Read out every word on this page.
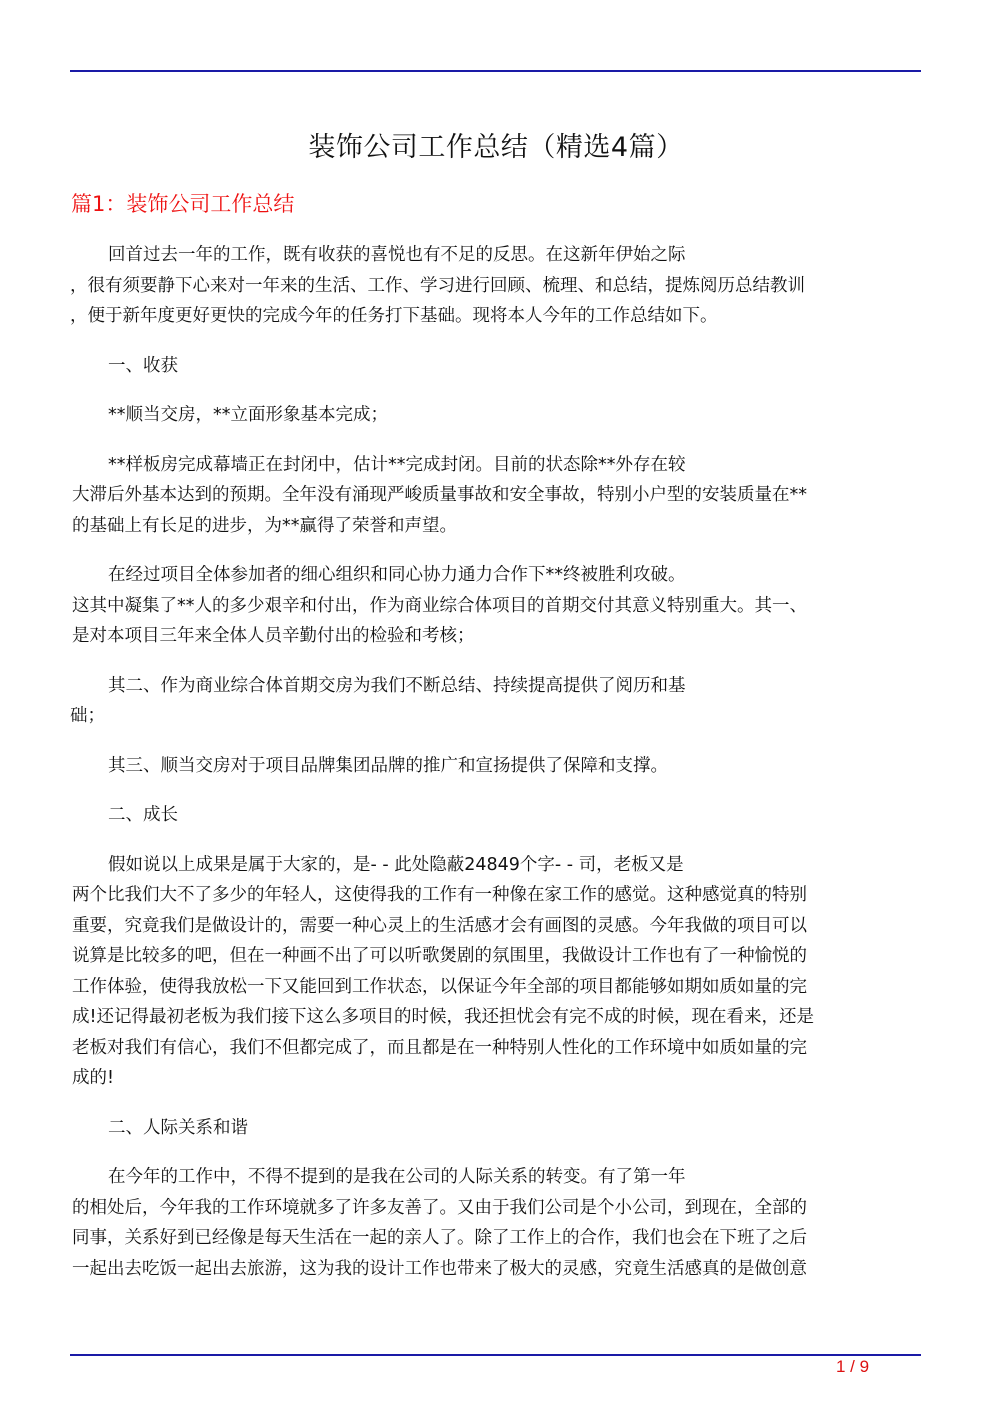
装饰公司工作总结（精选4篇）
篇1：装饰公司工作总结
回首过去一年的工作，既有收获的喜悦也有不足的反思。在这新年伊始之际
，很有须要静下心来对一年来的生活、工作、学习进行回顾、梳理、和总结，提炼阅历总结教训
，便于新年度更好更快的完成今年的任务打下基础。现将本人今年的工作总结如下。
一、收获
**顺当交房，**立面形象基本完成；
**样板房完成幕墙正在封闭中，估计**完成封闭。目前的状态除**外存在较
大滞后外基本达到的预期。全年没有涌现严峻质量事故和安全事故，特别小户型的安装质量在**
的基础上有长足的进步，为**赢得了荣誉和声望。
在经过项目全体参加者的细心组织和同心协力通力合作下**终被胜利攻破。
这其中凝集了**人的多少艰辛和付出，作为商业综合体项目的首期交付其意义特别重大。其一、
是对本项目三年来全体人员辛勤付出的检验和考核；
其二、作为商业综合体首期交房为我们不断总结、持续提高提供了阅历和基
础；
其三、顺当交房对于项目品牌集团品牌的推广和宣扬提供了保障和支撑。
二、成长
假如说以上成果是属于大家的，是- - 此处隐蔽24849个字- - 司，老板又是
两个比我们大不了多少的年轻人，这使得我的工作有一种像在家工作的感觉。这种感觉真的特别
重要，究竟我们是做设计的，需要一种心灵上的生活感才会有画图的灵感。今年我做的项目可以
说算是比较多的吧，但在一种画不出了可以听歌煲剧的氛围里，我做设计工作也有了一种愉悦的
工作体验，使得我放松一下又能回到工作状态，以保证今年全部的项目都能够如期如质如量的完
成!还记得最初老板为我们接下这么多项目的时候，我还担忧会有完不成的时候，现在看来，还是
老板对我们有信心，我们不但都完成了，而且都是在一种特别人性化的工作环境中如质如量的完
成的!
二、人际关系和谐
在今年的工作中，不得不提到的是我在公司的人际关系的转变。有了第一年
的相处后，今年我的工作环境就多了许多友善了。又由于我们公司是个小公司，到现在，全部的
同事，关系好到已经像是每天生活在一起的亲人了。除了工作上的合作，我们也会在下班了之后
一起出去吃饭一起出去旅游，这为我的设计工作也带来了极大的灵感，究竟生活感真的是做创意
1 / 9
